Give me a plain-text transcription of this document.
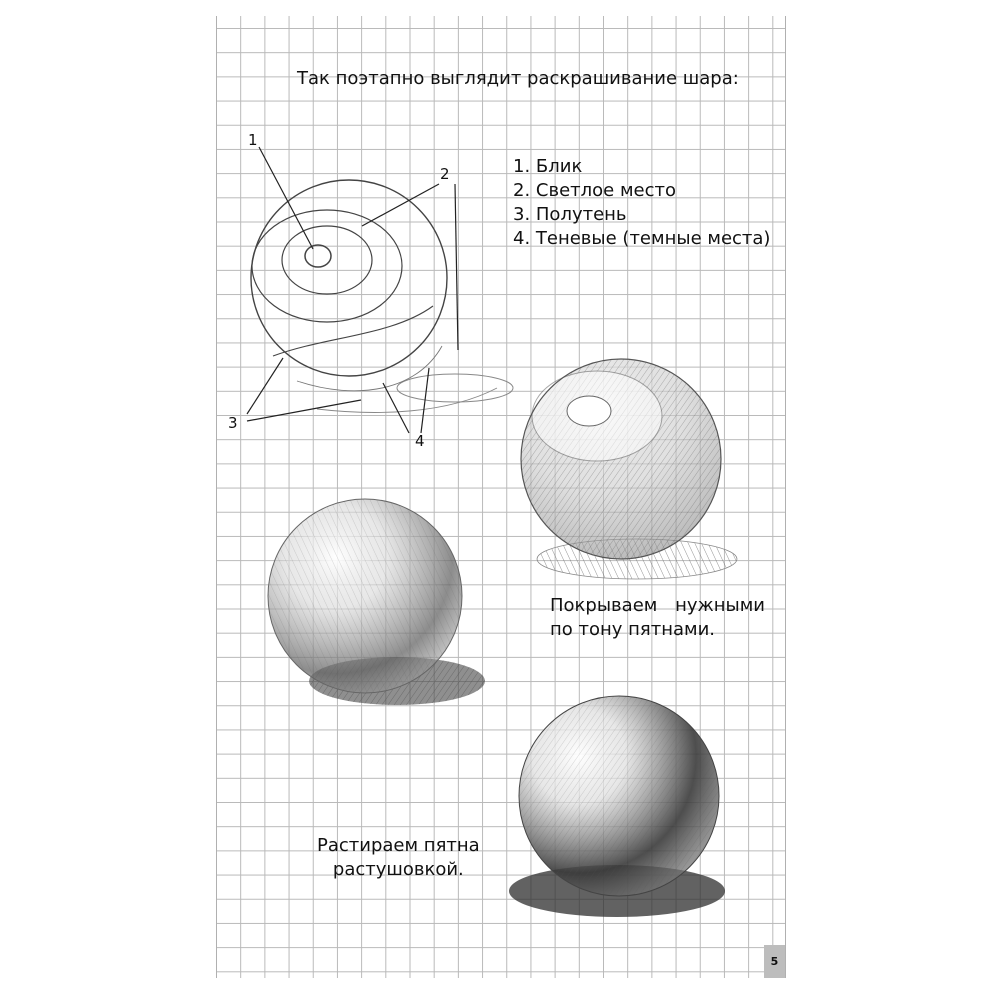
Так поэтапно выглядит раскрашивание шара:
1
2
3
4
1. Блик
2. Светлое место
3. Полутень
4. Теневые (темные места)
Покрываем нужными
по тону пятнами.
Растираем пятна
растушовкой.
5
